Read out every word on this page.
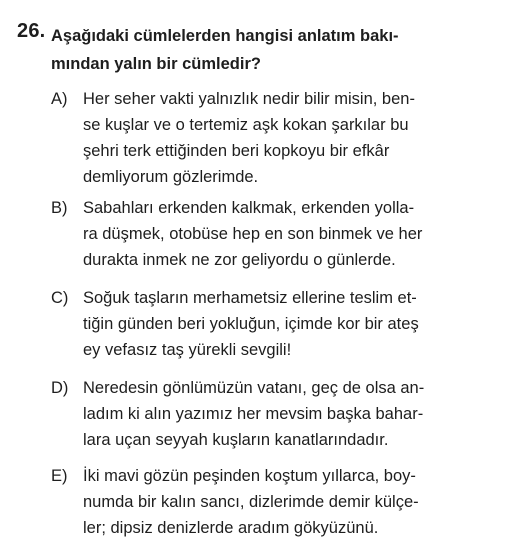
26. Aşağıdaki cümlelerden hangisi anlatım bakı-
mından yalın bir cümledir?
A) Her seher vakti yalnızlık nedir bilir misin, ben-
se kuşlar ve o tertemiz aşk kokan şarkılar bu
şehri terk ettiğinden beri kopkoyu bir efkâr
demliyorum gözlerimde.
B) Sabahları erkenden kalkmak, erkenden yolla-
ra düşmek, otobüse hep en son binmek ve her
durakta inmek ne zor geliyordu o günlerde.
C) Soğuk taşların merhametsiz ellerine teslim et-
tiğin günden beri yokluğun, içimde kor bir ateş
ey vefasız taş yürekli sevgili!
D) Neredesin gönlümüzün vatanı, geç de olsa an-
ladım ki alın yazımız her mevsim başka bahar-
lara uçan seyyah kuşların kanatlarındadır.
E) İki mavi gözün peşinden koştum yıllarca, boy-
numda bir kalın sancı, dizlerimde demir külçe-
ler; dipsiz denizlerde aradım gökyüzünü.
